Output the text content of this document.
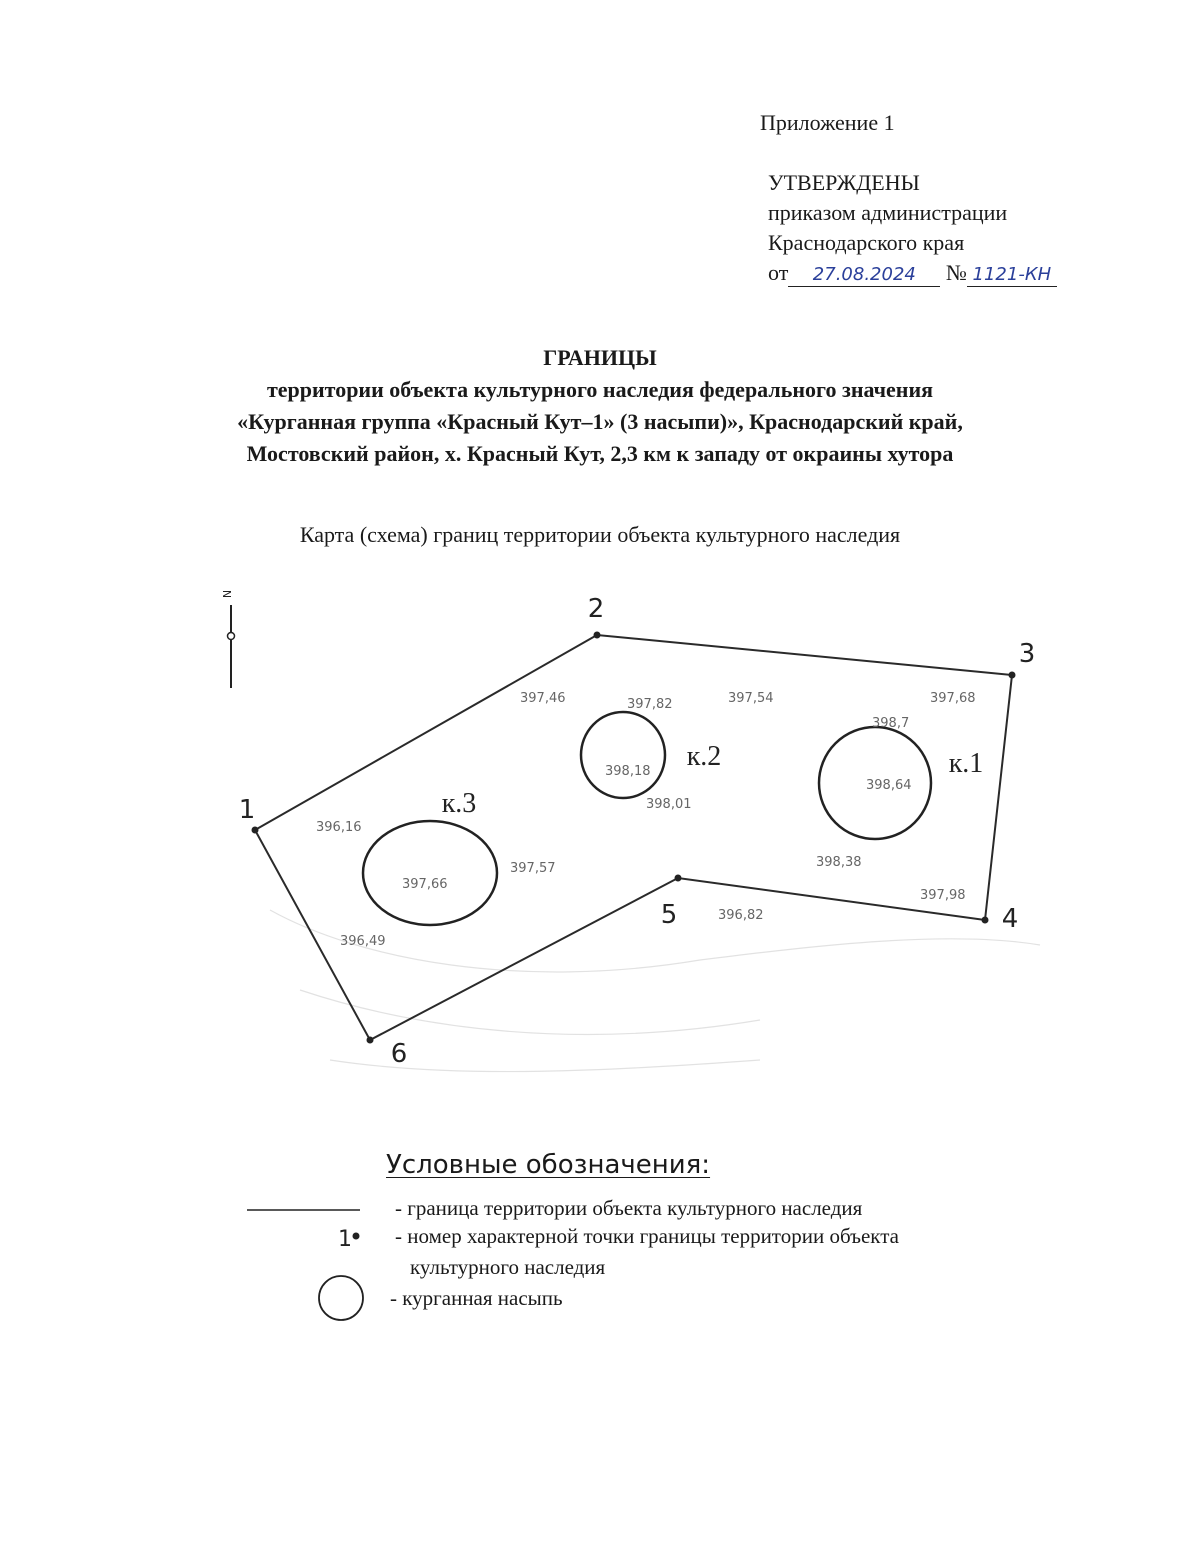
Приложение 1
УТВЕРЖДЕНЫ
приказом администрации
Краснодарского края
от 27.08.2024 № 1121-КН
ГРАНИЦЫ
территории объекта культурного наследия федерального значения
«Курганная группа «Красный Кут–1» (3 насыпи)», Краснодарский край,
Мостовский район, х. Красный Кут, 2,3 км к западу от окраины хутора
Карта (схема) границ территории объекта культурного наследия
N
1
2
3
4
5
6
к.1
к.2
к.3
397,46	397,82	397,54	397,68
398,7
398,18
398,01
398,64
396,16
397,66
397,57	398,38
397,98
396,82
396,49
1
Условные обозначения:
- граница территории объекта культурного наследия
- номер характерной точки границы территории объекта
культурного наследия
- курганная насыпь
